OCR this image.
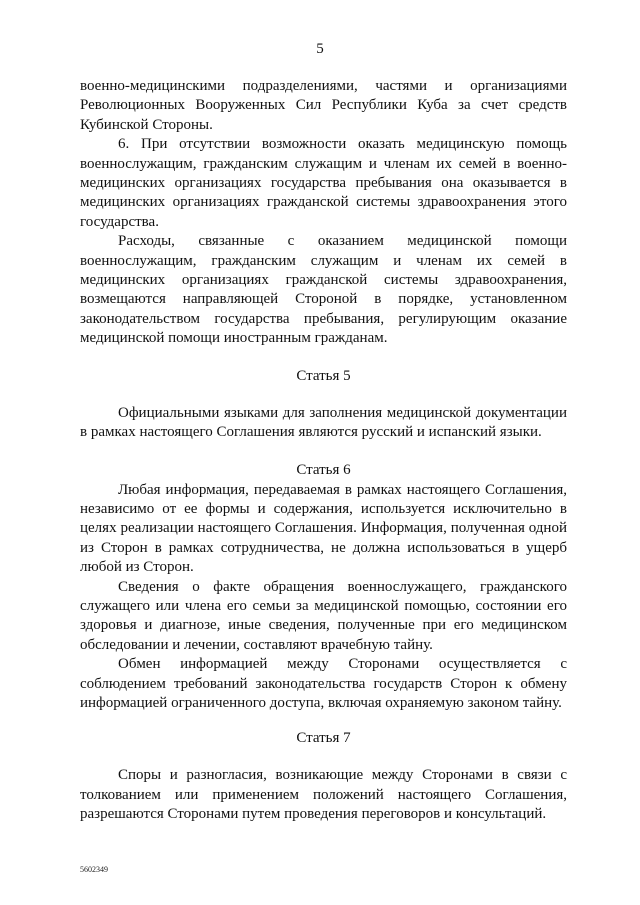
5

военно-медицинскими подразделениями, частями и организациями Революционных Вооруженных Сил Республики Куба за счет средств Кубинской Стороны.

6. При отсутствии возможности оказать медицинскую помощь военнослужащим, гражданским служащим и членам их семей в военно-медицинских организациях государства пребывания она оказывается в медицинских организациях гражданской системы здравоохранения этого государства.

Расходы, связанные с оказанием медицинской помощи военнослужащим, гражданским служащим и членам их семей в медицинских организациях гражданской системы здравоохранения, возмещаются направляющей Стороной в порядке, установленном законодательством государства пребывания, регулирующим оказание медицинской помощи иностранным гражданам.

Статья 5

Официальными языками для заполнения медицинской документации в рамках настоящего Соглашения являются русский и испанский языки.

Статья 6

Любая информация, передаваемая в рамках настоящего Соглашения, независимо от ее формы и содержания, используется исключительно в целях реализации настоящего Соглашения. Информация, полученная одной из Сторон в рамках сотрудничества, не должна использоваться в ущерб любой из Сторон.

Сведения о факте обращения военнослужащего, гражданского служащего или члена его семьи за медицинской помощью, состоянии его здоровья и диагнозе, иные сведения, полученные при его медицинском обследовании и лечении, составляют врачебную тайну.

Обмен информацией между Сторонами осуществляется с соблюдением требований законодательства государств Сторон к обмену информацией ограниченного доступа, включая охраняемую законом тайну.

Статья 7

Споры и разногласия, возникающие между Сторонами в связи с толкованием или применением положений настоящего Соглашения, разрешаются Сторонами путем проведения переговоров и консультаций.

5602349
